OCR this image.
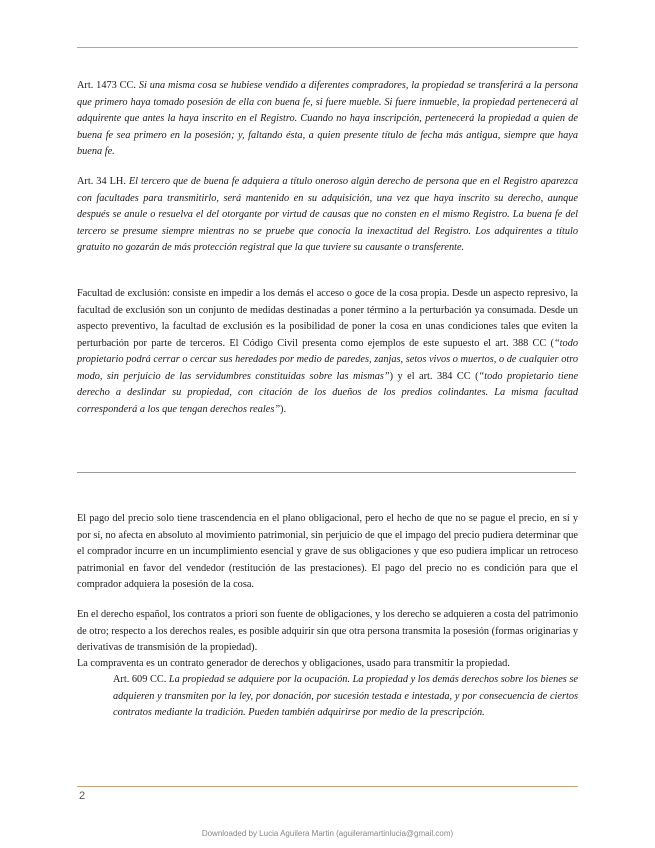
Art. 1473 CC. Si una misma cosa se hubiese vendido a diferentes compradores, la propiedad se transferirá a la persona que primero haya tomado posesión de ella con buena fe, si fuere mueble. Si fuere inmueble, la propiedad pertenecerá al adquirente que antes la haya inscrito en el Registro. Cuando no haya inscripción, pertenecerá la propiedad a quien de buena fe sea primero en la posesión; y, faltando ésta, a quien presente título de fecha más antigua, siempre que haya buena fe.

Art. 34 LH. El tercero que de buena fe adquiera a título oneroso algún derecho de persona que en el Registro aparezca con facultades para transmitirlo, será mantenido en su adquisición, una vez que haya inscrito su derecho, aunque después se anule o resuelva el del otorgante por virtud de causas que no consten en el mismo Registro. La buena fe del tercero se presume siempre mientras no se pruebe que conocía la inexactitud del Registro. Los adquirentes a título gratuito no gozarán de más protección registral que la que tuviere su causante o transferente.

Facultad de exclusión: consiste en impedir a los demás el acceso o goce de la cosa propia. Desde un aspecto represivo, la facultad de exclusión son un conjunto de medidas destinadas a poner término a la perturbación ya consumada. Desde un aspecto preventivo, la facultad de exclusión es la posibilidad de poner la cosa en unas condiciones tales que eviten la perturbación por parte de terceros. El Código Civil presenta como ejemplos de este supuesto el art. 388 CC (“todo propietario podrá cerrar o cercar sus heredades por medio de paredes, zanjas, setos vivos o muertos, o de cualquier otro modo, sin perjuicio de las servidumbres constituidas sobre las mismas”) y el art. 384 CC (“todo propietario tiene derecho a deslindar su propiedad, con citación de los dueños de los predios colindantes. La misma facultad corresponderá a los que tengan derechos reales”).

El pago del precio solo tiene trascendencia en el plano obligacional, pero el hecho de que no se pague el precio, en sí y por sí, no afecta en absoluto al movimiento patrimonial, sin perjuicio de que el impago del precio pudiera determinar que el comprador incurre en un incumplimiento esencial y grave de sus obligaciones y que eso pudiera implicar un retroceso patrimonial en favor del vendedor (restitución de las prestaciones). El pago del precio no es condición para que el comprador adquiera la posesión de la cosa.

En el derecho español, los contratos a priori son fuente de obligaciones, y los derecho se adquieren a costa del patrimonio de otro; respecto a los derechos reales, es posible adquirir sin que otra persona transmita la posesión (formas originarias y derivativas de transmisión de la propiedad).

La compraventa es un contrato generador de derechos y obligaciones, usado para transmitir la propiedad.

Art. 609 CC. La propiedad se adquiere por la ocupación. La propiedad y los demás derechos sobre los bienes se adquieren y transmiten por la ley, por donación, por sucesión testada e intestada, y por consecuencia de ciertos contratos mediante la tradición. Pueden también adquirirse por medio de la prescripción.

2
Downloaded by Lucia Aguilera Martin (aguileramartinlucia@gmail.com)
